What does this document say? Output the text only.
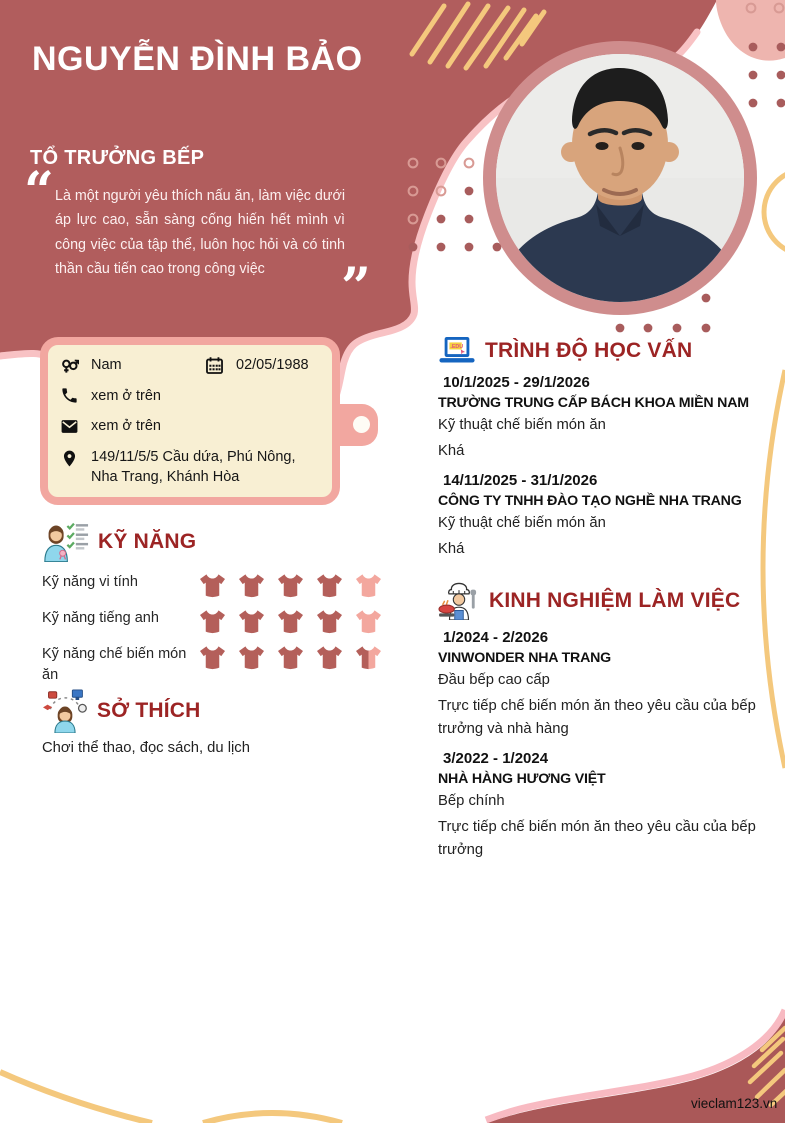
NGUYỄN ĐÌNH BẢO
TỔ TRƯỞNG BẾP
“ Là một người yêu thích nấu ăn, làm việc dưới áp lực cao, sẵn sàng cống hiến hết mình vì công việc của tập thể, luôn học hỏi và có tinh thần cầu tiến cao trong công việc	”
Nam	02/05/1988
xem ở trên
xem ở trên
149/11/5/5 Cầu dứa, Phú Nông, Nha Trang, Khánh Hòa
KỸ NĂNG
Kỹ năng vi tính
Kỹ năng tiếng anh
Kỹ năng chế biến món ăn
SỞ THÍCH
Chơi thể thao, đọc sách, du lịch
.EDU TRÌNH ĐỘ HỌC VẤN
10/1/2025 - 29/1/2026
TRƯỜNG TRUNG CẤP BÁCH KHOA MIỀN NAM
Kỹ thuật chế biến món ăn
Khá
14/11/2025 - 31/1/2026
CÔNG TY TNHH ĐÀO TẠO NGHỀ NHA TRANG
Kỹ thuật chế biến món ăn
Khá
KINH NGHIỆM LÀM VIỆC
1/2024 - 2/2026
VINWONDER NHA TRANG
Đầu bếp cao cấp
Trực tiếp chế biến món ăn theo yêu cầu của bếp trưởng và nhà hàng
3/2022 - 1/2024
NHÀ HÀNG HƯƠNG VIỆT
Bếp chính
Trực tiếp chế biến món ăn theo yêu cầu của bếp trưởng
vieclam123.vn
